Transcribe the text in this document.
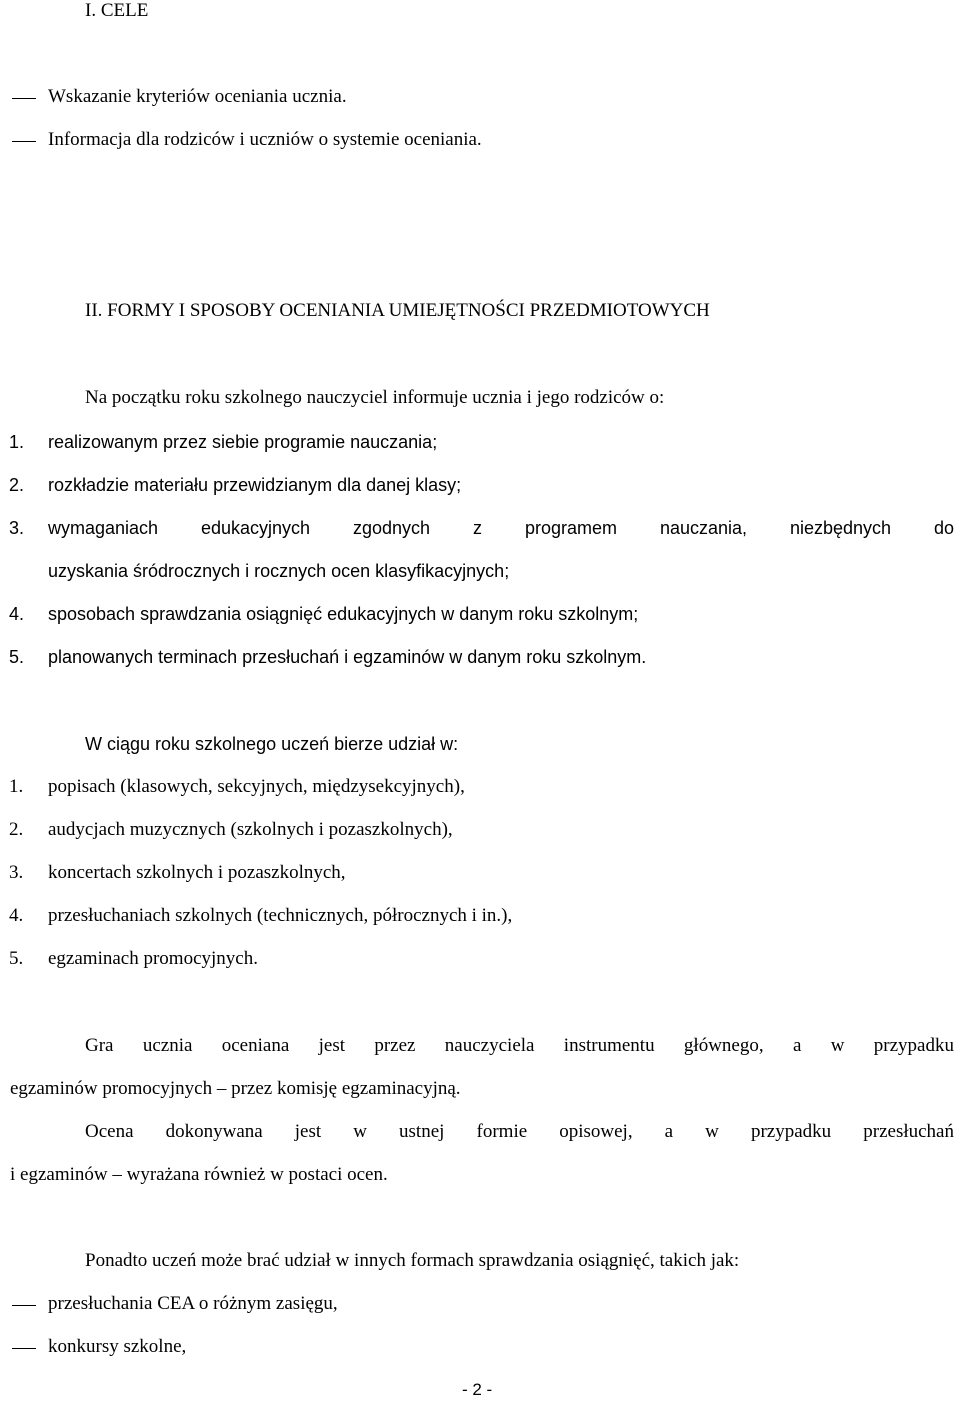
I. CELE
Wskazanie kryteriów oceniania ucznia.
Informacja dla rodziców i uczniów o systemie oceniania.
II. FORMY I SPOSOBY OCENIANIA UMIEJĘTNOŚCI PRZEDMIOTOWYCH
Na początku roku szkolnego nauczyciel informuje ucznia i jego rodziców o:
1. realizowanym przez siebie programie nauczania;
2. rozkładzie materiału przewidzianym dla danej klasy;
3. wymaganiach edukacyjnych zgodnych z programem nauczania, niezbędnych do
uzyskania śródrocznych i rocznych ocen klasyfikacyjnych;
4. sposobach sprawdzania osiągnięć edukacyjnych w danym roku szkolnym;
5. planowanych terminach przesłuchań i egzaminów w danym roku szkolnym.
W ciągu roku szkolnego uczeń bierze udział w:
1. popisach (klasowych, sekcyjnych, międzysekcyjnych),
2. audycjach muzycznych (szkolnych i pozaszkolnych),
3. koncertach szkolnych i pozaszkolnych,
4. przesłuchaniach szkolnych (technicznych, półrocznych i in.),
5. egzaminach promocyjnych.
Gra ucznia oceniana jest przez nauczyciela instrumentu głównego, a w przypadku
egzaminów promocyjnych – przez komisję egzaminacyjną.
Ocena dokonywana jest w ustnej formie opisowej, a w przypadku przesłuchań
i egzaminów – wyrażana również w postaci ocen.
Ponadto uczeń może brać udział w innych formach sprawdzania osiągnięć, takich jak:
przesłuchania CEA o różnym zasięgu,
konkursy szkolne,
- 2 -
